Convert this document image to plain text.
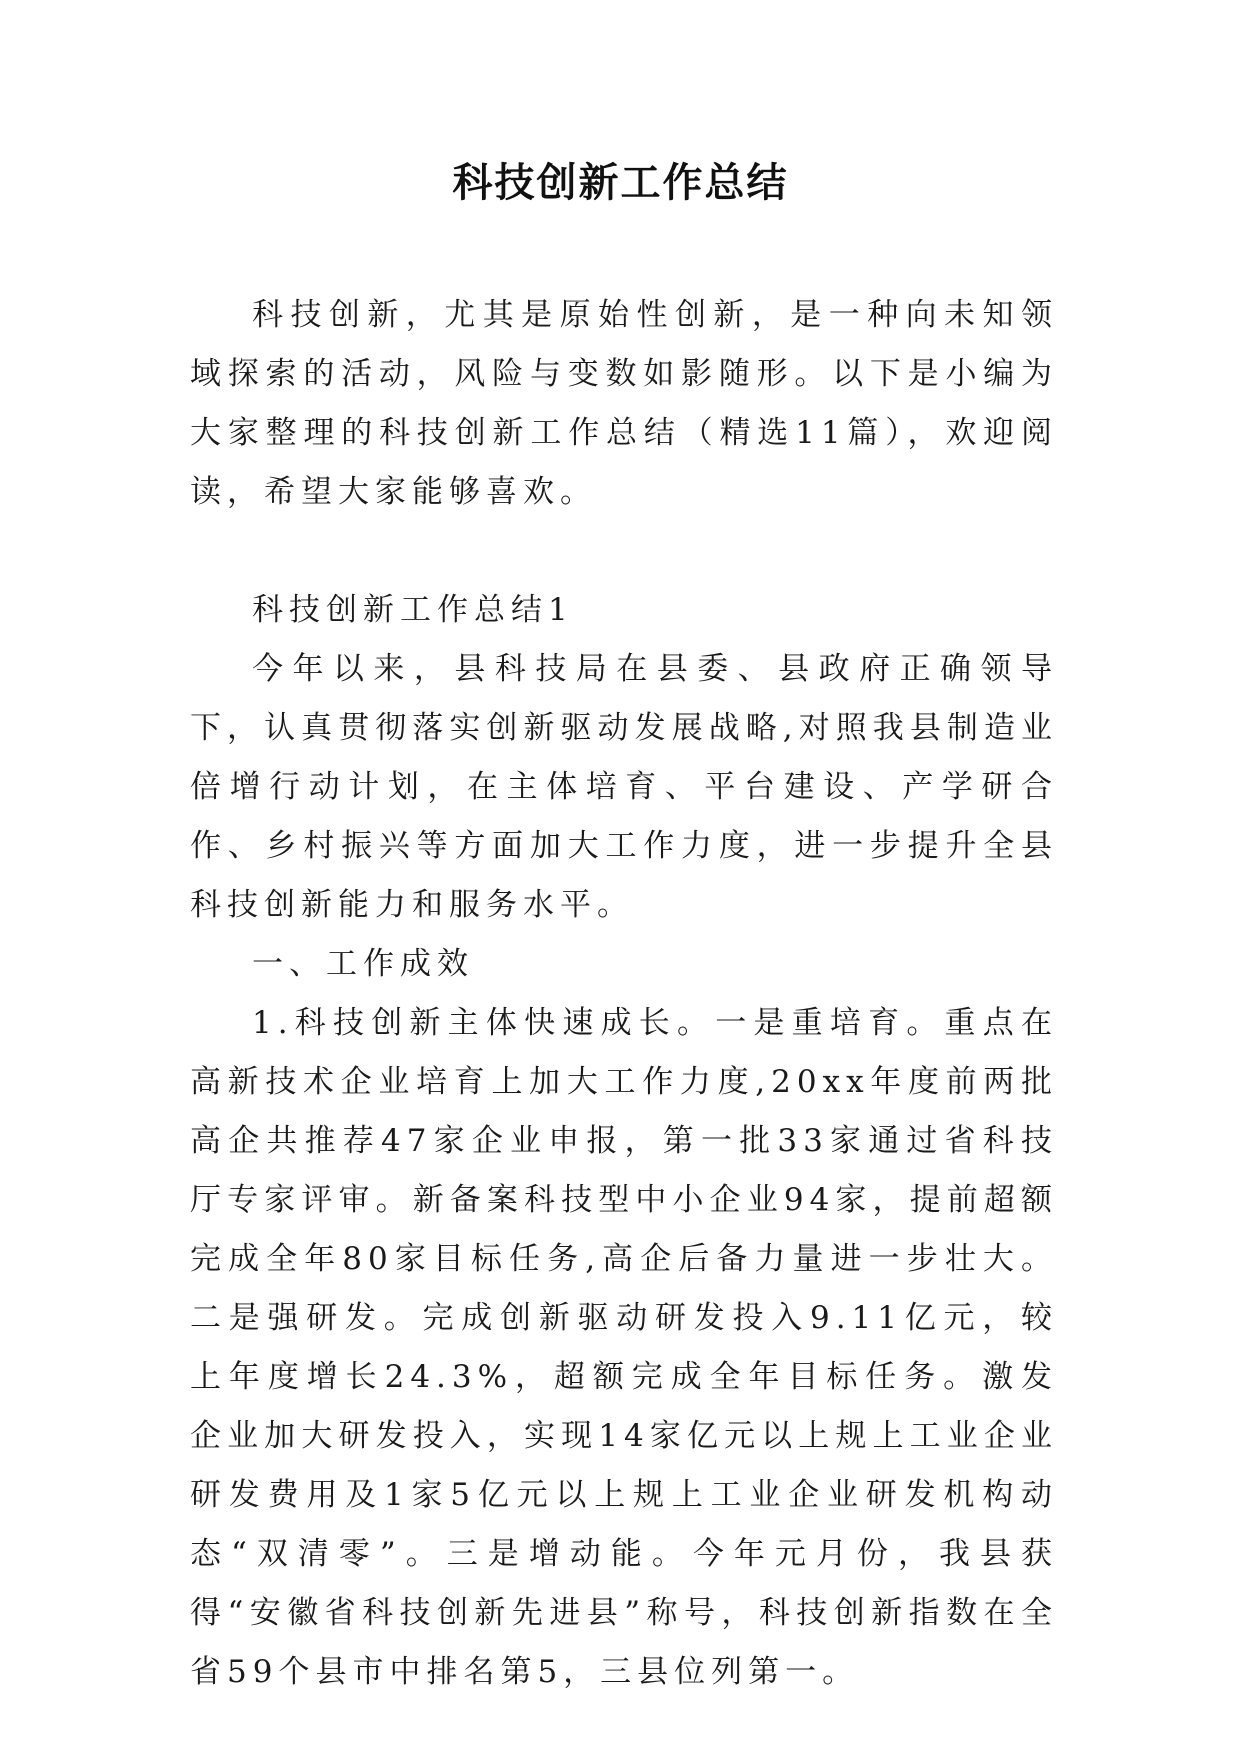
科技创新工作总结

科技创新，尤其是原始性创新，是一种向未知领域探索的活动，风险与变数如影随形。以下是小编为大家整理的科技创新工作总结（精选11篇），欢迎阅读，希望大家能够喜欢。

科技创新工作总结1

今年以来，县科技局在县委、县政府正确领导下，认真贯彻落实创新驱动发展战略,对照我县制造业倍增行动计划，在主体培育、平台建设、产学研合作、乡村振兴等方面加大工作力度，进一步提升全县科技创新能力和服务水平。

一、工作成效

1.科技创新主体快速成长。一是重培育。重点在高新技术企业培育上加大工作力度,20xx年度前两批高企共推荐47家企业申报，第一批33家通过省科技厅专家评审。新备案科技型中小企业94家，提前超额完成全年80家目标任务,高企后备力量进一步壮大。二是强研发。完成创新驱动研发投入9.11亿元，较上年度增长24.3%，超额完成全年目标任务。激发企业加大研发投入，实现14家亿元以上规上工业企业研发费用及1家5亿元以上规上工业企业研发机构动态“双清零”。三是增动能。今年元月份，我县获得“安徽省科技创新先进县”称号，科技创新指数在全省59个县市中排名第5，三县位列第一。
